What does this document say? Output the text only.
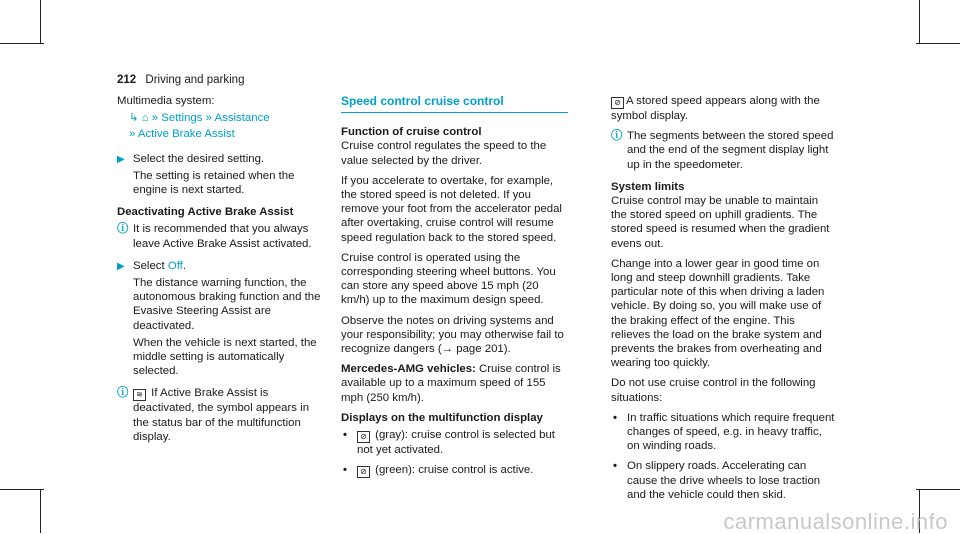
212 Driving and parking

Multimedia system:

↳ ⌂ » Settings » Assistance
» Active Brake Assist
▶ Select the desired setting.

The setting is retained when the engine is next started.

Deactivating Active Brake Assist

ⓘ It is recommended that you always leave Active Brake Assist activated.
▶ Select Off.

The distance warning function, the autonomous braking function and the Evasive Steering Assist are deactivated.

When the vehicle is next started, the middle setting is automatically selected.

ⓘ ≋ If Active Brake Assist is deactivated, the symbol appears in the status bar of the multifunction display.
Speed control cruise control

Function of cruise control

Cruise control regulates the speed to the value selected by the driver.

If you accelerate to overtake, for example, the stored speed is not deleted. If you remove your foot from the accelerator pedal after overtaking, cruise control will resume speed regulation back to the stored speed.

Cruise control is operated using the corresponding steering wheel buttons. You can store any speed above 15 mph (20 km/h) up to the maximum design speed.

Observe the notes on driving systems and your responsibility; you may otherwise fail to recognize dangers (→ page 201).

Mercedes-AMG vehicles: Cruise control is available up to a maximum speed of 155 mph (250 km/h).

Displays on the multifunction display

• ⊘ (gray): cruise control is selected but not yet activated.
• ⊘ (green): cruise control is active.

⊘ A stored speed appears along with the symbol display.

ⓘ The segments between the stored speed and the end of the segment display light up in the speedometer.

System limits

Cruise control may be unable to maintain the stored speed on uphill gradients. The stored speed is resumed when the gradient evens out.

Change into a lower gear in good time on long and steep downhill gradients. Take particular note of this when driving a laden vehicle. By doing so, you will make use of the braking effect of the engine. This relieves the load on the brake system and prevents the brakes from overheating and wearing too quickly.

Do not use cruise control in the following situations:

• In traffic situations which require frequent changes of speed, e.g. in heavy traffic, on winding roads.
• On slippery roads. Accelerating can cause the drive wheels to lose traction and the vehicle could then skid.
carmanualsonline.info
